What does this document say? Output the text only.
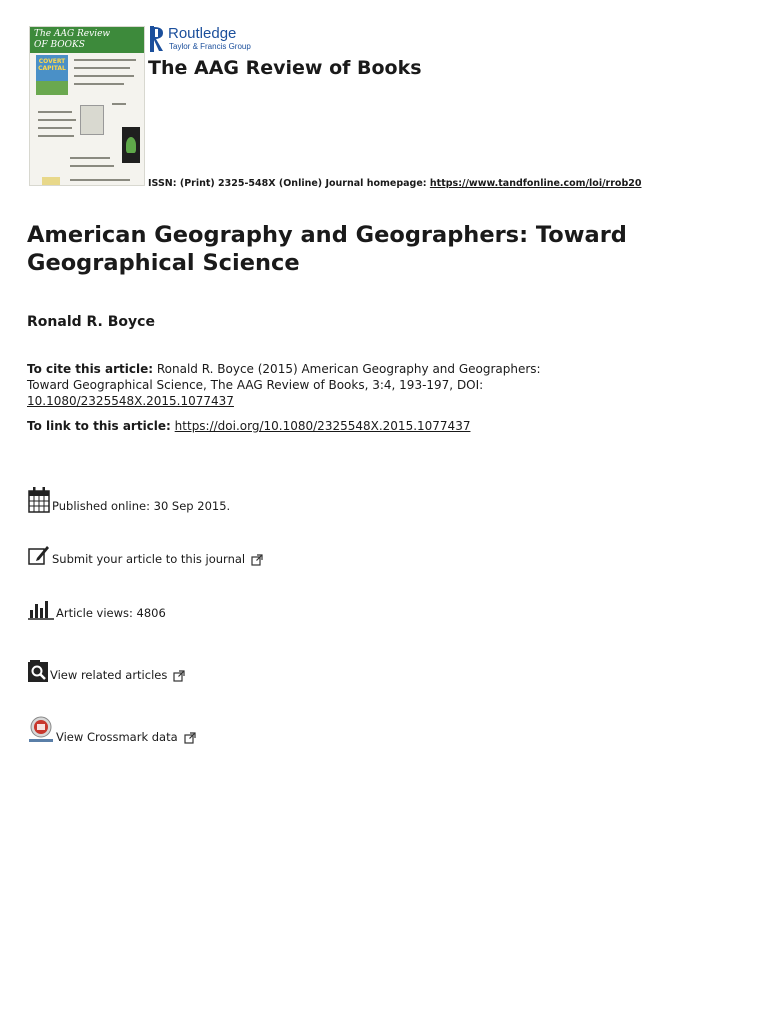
The AAG Review
OF BOOKS
COVERT CAPITAL
Routledge
Taylor & Francis Group
The AAG Review of Books
ISSN: (Print) 2325-548X (Online) Journal homepage: https://www.tandfonline.com/loi/rrob20
American Geography and Geographers: Toward Geographical Science
Ronald R. Boyce
To cite this article: Ronald R. Boyce (2015) American Geography and Geographers: Toward Geographical Science, The AAG Review of Books, 3:4, 193-197, DOI: 10.1080/2325548X.2015.1077437
To link to this article: https://doi.org/10.1080/2325548X.2015.1077437
Published online: 30 Sep 2015.
Submit your article to this journal
Article views: 4806
View related articles
View Crossmark data
